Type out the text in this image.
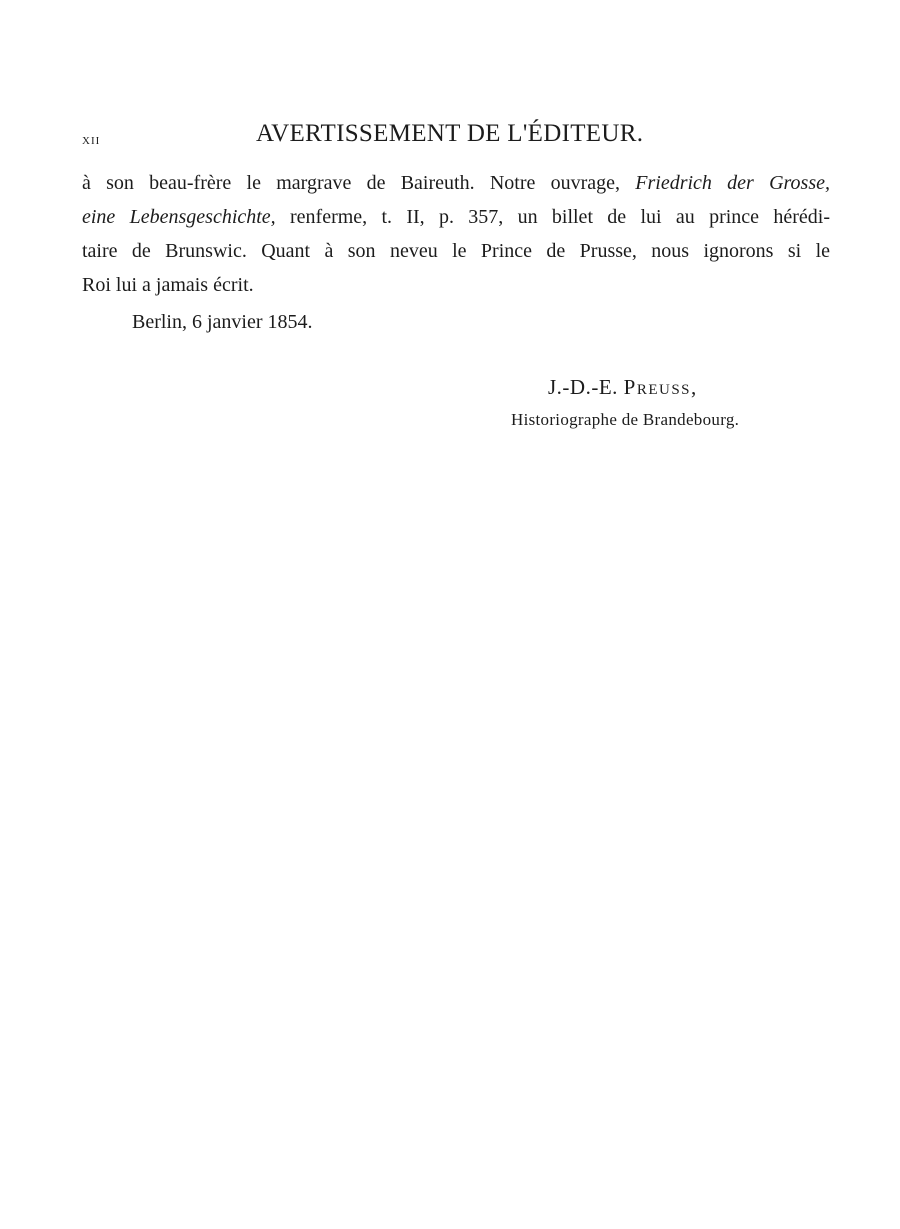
xii	AVERTISSEMENT DE L'ÉDITEUR.
à son beau-frère le margrave de Baireuth. Notre ouvrage, Friedrich der Grosse,
eine Lebensgeschichte, renferme, t. II, p. 357, un billet de lui au prince hérédi-
taire de Brunswic. Quant à son neveu le Prince de Prusse, nous ignorons si le
Roi lui a jamais écrit.
Berlin, 6 janvier 1854.
J.-D.-E. Preuss,
Historiographe de Brandebourg.
